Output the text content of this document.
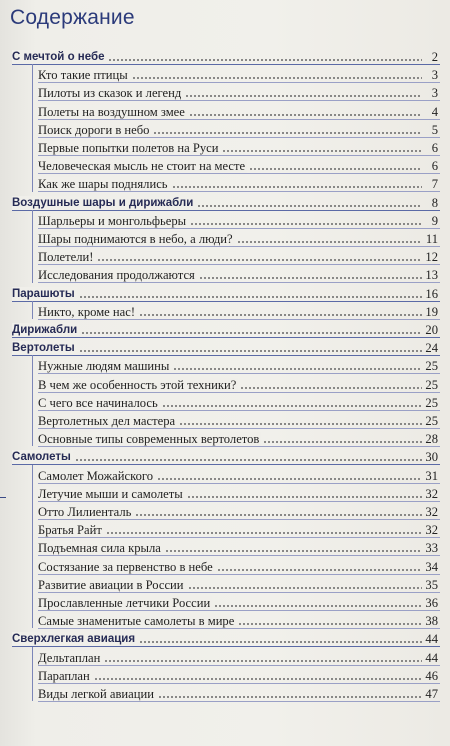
Содержание
С мечтой о небе	2
Кто такие птицы	3
Пилоты из сказок и легенд	3
Полеты на воздушном змее	4
Поиск дороги в небо	5
Первые попытки полетов на Руси	6
Человеческая мысль не стоит на месте	6
Как же шары поднялись	7
Воздушные шары и дирижабли	8
Шарльеры и монгольфьеры	9
Шары поднимаются в небо, а люди?	11
Полетели!	12
Исследования продолжаются	13
Парашюты	16
Никто, кроме нас!	19
Дирижабли	20
Вертолеты	24
Нужные людям машины	25
В чем же особенность этой техники?	25
С чего все начиналось	25
Вертолетных дел мастера	25
Основные типы современных вертолетов	28
Самолеты	30
Самолет Можайского	31
Летучие мыши и самолеты	32
Отто Лилиенталь	32
Братья Райт	32
Подъемная сила крыла	33
Состязание за первенство в небе	34
Развитие авиации в России	35
Прославленные летчики России	36
Самые знаменитые самолеты в мире	38
Сверхлегкая авиация	44
Дельтаплан	44
Параплан	46
Виды легкой авиации	47
